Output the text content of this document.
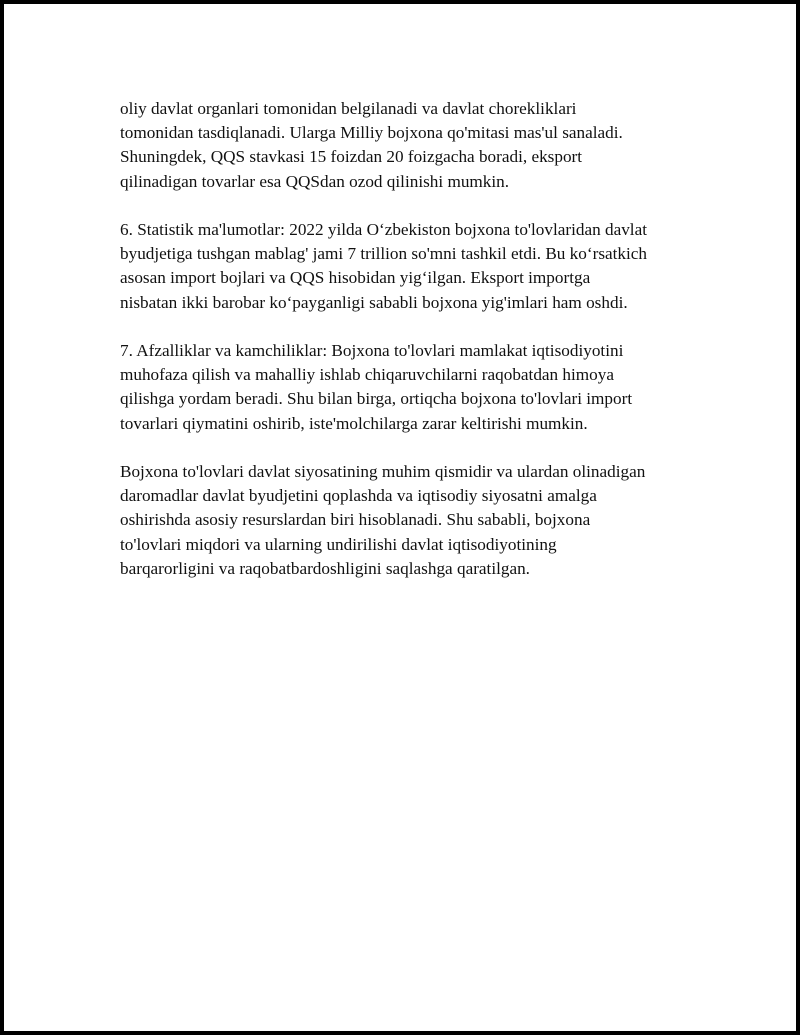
oliy davlat organlari tomonidan belgilanadi va davlat chorekliklari
tomonidan tasdiqlanadi. Ularga Milliy bojxona qo'mitasi mas'ul sanaladi.
Shuningdek, QQS stavkasi 15 foizdan 20 foizgacha boradi, eksport
qilinadigan tovarlar esa QQSdan ozod qilinishi mumkin.

6. Statistik ma'lumotlar: 2022 yilda O‘zbekiston bojxona to'lovlaridan davlat
byudjetiga tushgan mablag' jami 7 trillion so'mni tashkil etdi. Bu ko‘rsatkich
asosan import bojlari va QQS hisobidan yig‘ilgan. Eksport importga
nisbatan ikki barobar ko‘payganligi sababli bojxona yig'imlari ham oshdi.

7. Afzalliklar va kamchiliklar: Bojxona to'lovlari mamlakat iqtisodiyotini
muhofaza qilish va mahalliy ishlab chiqaruvchilarni raqobatdan himoya
qilishga yordam beradi. Shu bilan birga, ortiqcha bojxona to'lovlari import
tovarlari qiymatini oshirib, iste'molchilarga zarar keltirishi mumkin.

Bojxona to'lovlari davlat siyosatining muhim qismidir va ulardan olinadigan
daromadlar davlat byudjetini qoplashda va iqtisodiy siyosatni amalga
oshirishda asosiy resurslardan biri hisoblanadi. Shu sababli, bojxona
to'lovlari miqdori va ularning undirilishi davlat iqtisodiyotining
barqarorligini va raqobatbardoshligini saqlashga qaratilgan.
